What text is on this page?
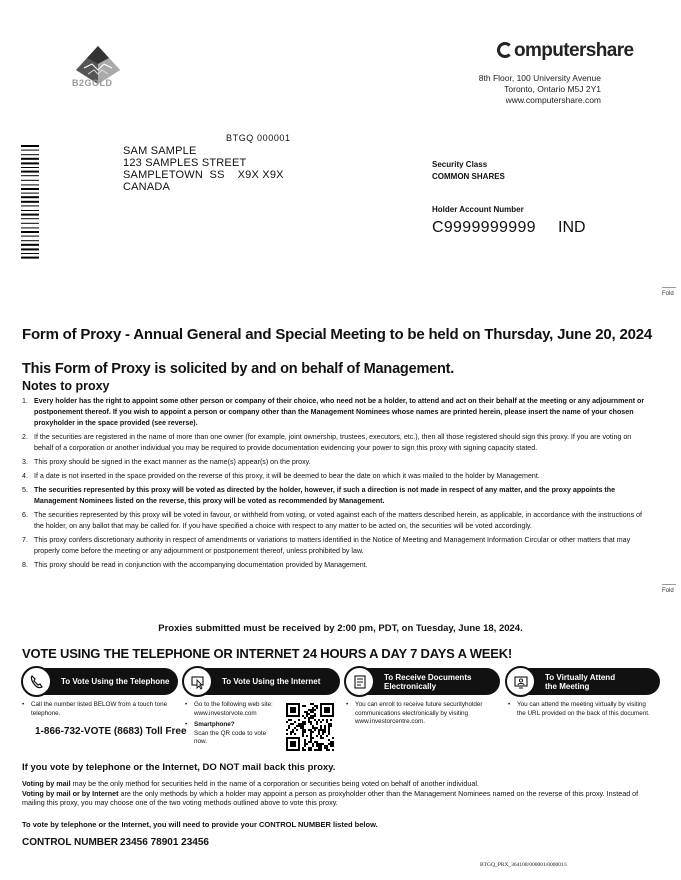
B2GOLD
omputershare
8th Floor, 100 University Avenue
Toronto, Ontario M5J 2Y1
www.computershare.com
BTGQ 000001
SAM SAMPLE
123 SAMPLES STREET
SAMPLETOWN  SS    X9X X9X
CANADA
Security Class
COMMON SHARES
Holder Account Number
C9999999999 IND
Fold
Fold
Form of Proxy - Annual General and Special Meeting to be held on Thursday, June 20, 2024
This Form of Proxy is solicited by and on behalf of Management.
Notes to proxy
1. Every holder has the right to appoint some other person or company of their choice, who need not be a holder, to attend and act on their behalf at the meeting or any adjournment or postponement thereof. If you wish to appoint a person or company other than the Management Nominees whose names are printed herein, please insert the name of your chosen proxyholder in the space provided (see reverse).
2. If the securities are registered in the name of more than one owner (for example, joint ownership, trustees, executors, etc.), then all those registered should sign this proxy. If you are voting on behalf of a corporation or another individual you may be required to provide documentation evidencing your power to sign this proxy with signing capacity stated.
3. This proxy should be signed in the exact manner as the name(s) appear(s) on the proxy.
4. If a date is not inserted in the space provided on the reverse of this proxy, it will be deemed to bear the date on which it was mailed to the holder by Management.
5. The securities represented by this proxy will be voted as directed by the holder, however, if such a direction is not made in respect of any matter, and the proxy appoints the Management Nominees listed on the reverse, this proxy will be voted as recommended by Management.
6. The securities represented by this proxy will be voted in favour, or withheld from voting, or voted against each of the matters described herein, as applicable, in accordance with the instructions of the holder, on any ballot that may be called for. If you have specified a choice with respect to any matter to be acted on, the securities will be voted accordingly.
7. This proxy confers discretionary authority in respect of amendments or variations to matters identified in the Notice of Meeting and Management Information Circular or other matters that may properly come before the meeting or any adjournment or postponement thereof, unless prohibited by law.
8. This proxy should be read in conjunction with the accompanying documentation provided by Management.
Proxies submitted must be received by 2:00 pm, PDT, on Tuesday, June 18, 2024.
VOTE USING THE TELEPHONE OR INTERNET 24 HOURS A DAY 7 DAYS A WEEK!
To Vote Using the Telephone	To Vote Using the Internet	To Receive Documents
Electronically
To Virtually Attend
the Meeting
•	Call the number listed BELOW from a touch tone telephone.
1-866-732-VOTE (8683) Toll Free
•	Go to the following web site: www.investorvote.com
•	Smartphone?
Scan the QR code to vote now.
•	You can enroll to receive future securityholder communications electronically by visiting www.investorcentre.com.
•	You can attend the meeting virtually by visiting the URL provided on the back of this document.
If you vote by telephone or the Internet, DO NOT mail back this proxy.
Voting by mail may be the only method for securities held in the name of a corporation or securities being voted on behalf of another individual.
Voting by mail or by Internet are the only methods by which a holder may appoint a person as proxyholder other than the Management Nominees named on the reverse of this proxy. Instead of mailing this proxy, you may choose one of the two voting methods outlined above to vote this proxy.
To vote by telephone or the Internet, you will need to provide your CONTROL NUMBER listed below.
CONTROL NUMBER 23456 78901 23456
BTGQ_PRX_364108/000001/000001/i
